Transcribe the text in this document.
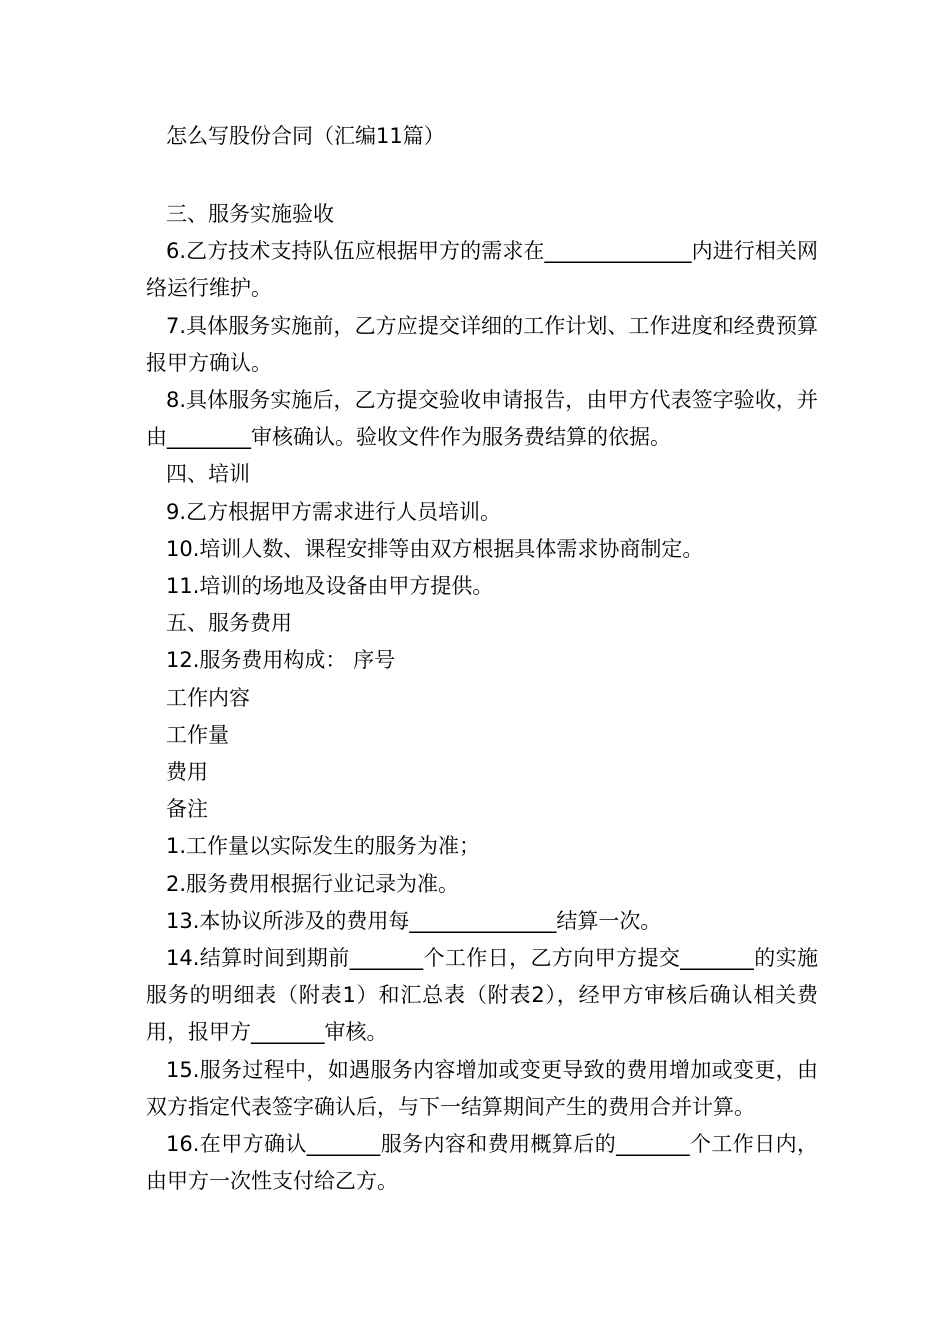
怎么写股份合同（汇编11篇）

三、服务实施验收

6.乙方技术支持队伍应根据甲方的需求在______________内进行相关网络运行维护。

7.具体服务实施前，乙方应提交详细的工作计划、工作进度和经费预算报甲方确认。

8.具体服务实施后，乙方提交验收申请报告，由甲方代表签字验收，并由________审核确认。验收文件作为服务费结算的依据。

四、培训

9.乙方根据甲方需求进行人员培训。

10.培训人数、课程安排等由双方根据具体需求协商制定。

11.培训的场地及设备由甲方提供。

五、服务费用

12.服务费用构成： 序号

工作内容

工作量

费用

备注

1.工作量以实际发生的服务为准；

2.服务费用根据行业记录为准。

13.本协议所涉及的费用每______________结算一次。

14.结算时间到期前_______个工作日，乙方向甲方提交_______的实施服务的明细表（附表1）和汇总表（附表2），经甲方审核后确认相关费用，报甲方_______审核。

15.服务过程中，如遇服务内容增加或变更导致的费用增加或变更，由双方指定代表签字确认后，与下一结算期间产生的费用合并计算。

16.在甲方确认_______服务内容和费用概算后的_______个工作日内，由甲方一次性支付给乙方。
